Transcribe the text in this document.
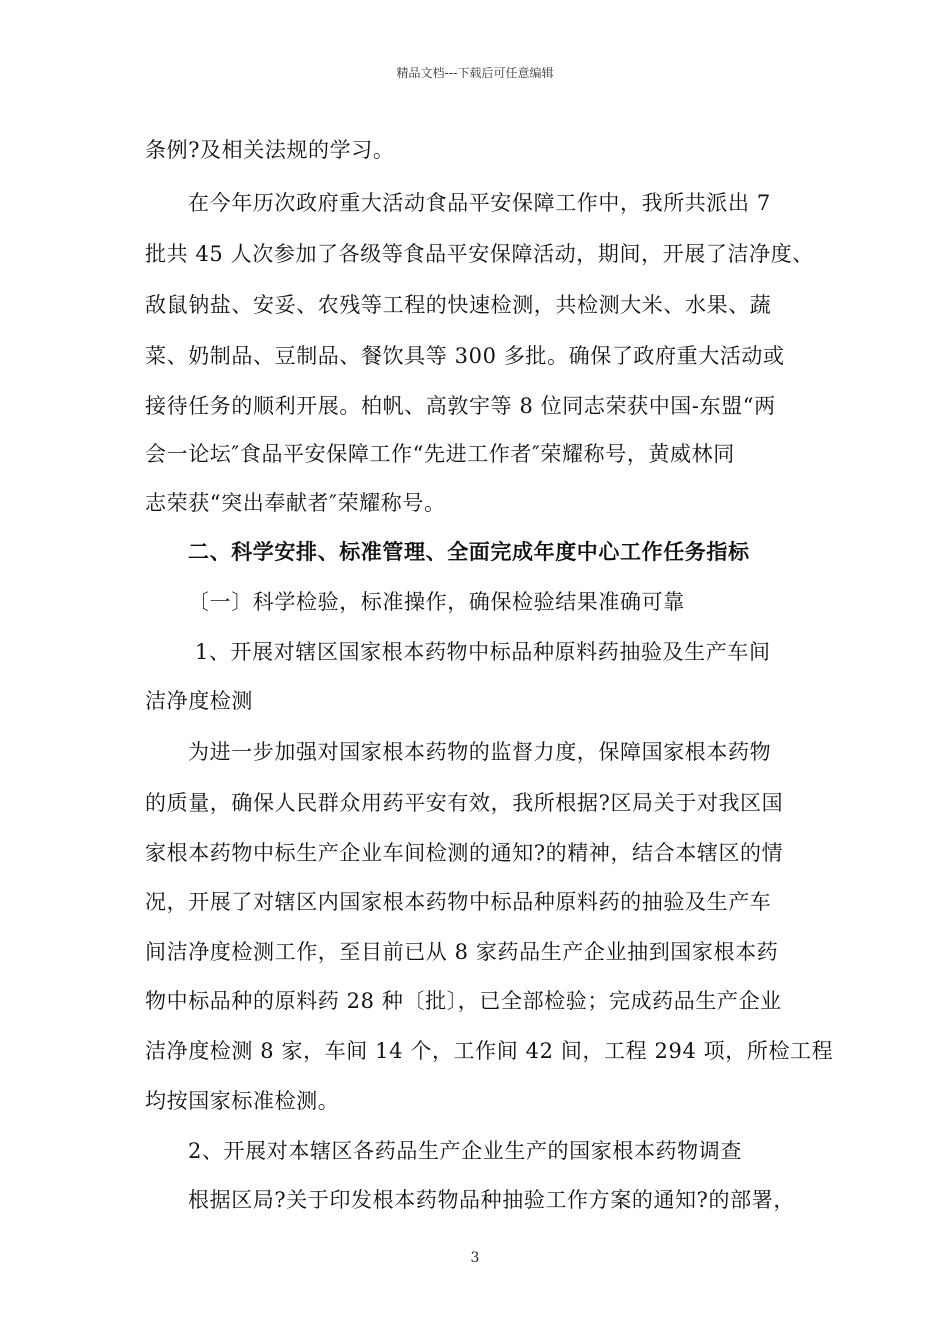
精品文档---下载后可任意编辑
条例?及相关法规的学习。
在今年历次政府重大活动食品平安保障工作中，我所共派出 7
批共 45 人次参加了各级等食品平安保障活动，期间，开展了洁净度、
敌鼠钠盐、安妥、农残等工程的快速检测，共检测大米、水果、蔬
菜、奶制品、豆制品、餐饮具等 300 多批。确保了政府重大活动或
接待任务的顺利开展。柏帆、高敦宇等 8 位同志荣获中国-东盟“两
会一论坛″食品平安保障工作“先进工作者″荣耀称号，黄威林同
志荣获“突出奉献者″荣耀称号。
二、科学安排、标准管理、全面完成年度中心工作任务指标
〔一〕科学检验，标准操作，确保检验结果准确可靠
1、开展对辖区国家根本药物中标品种原料药抽验及生产车间
洁净度检测
为进一步加强对国家根本药物的监督力度，保障国家根本药物
的质量，确保人民群众用药平安有效，我所根据?区局关于对我区国
家根本药物中标生产企业车间检测的通知?的精神，结合本辖区的情
况，开展了对辖区内国家根本药物中标品种原料药的抽验及生产车
间洁净度检测工作，至目前已从 8 家药品生产企业抽到国家根本药
物中标品种的原料药 28 种〔批〕，已全部检验；完成药品生产企业
洁净度检测 8 家，车间 14 个，工作间 42 间，工程 294 项，所检工程
均按国家标准检测。
2、开展对本辖区各药品生产企业生产的国家根本药物调查
根据区局?关于印发根本药物品种抽验工作方案的通知?的部署，
3
